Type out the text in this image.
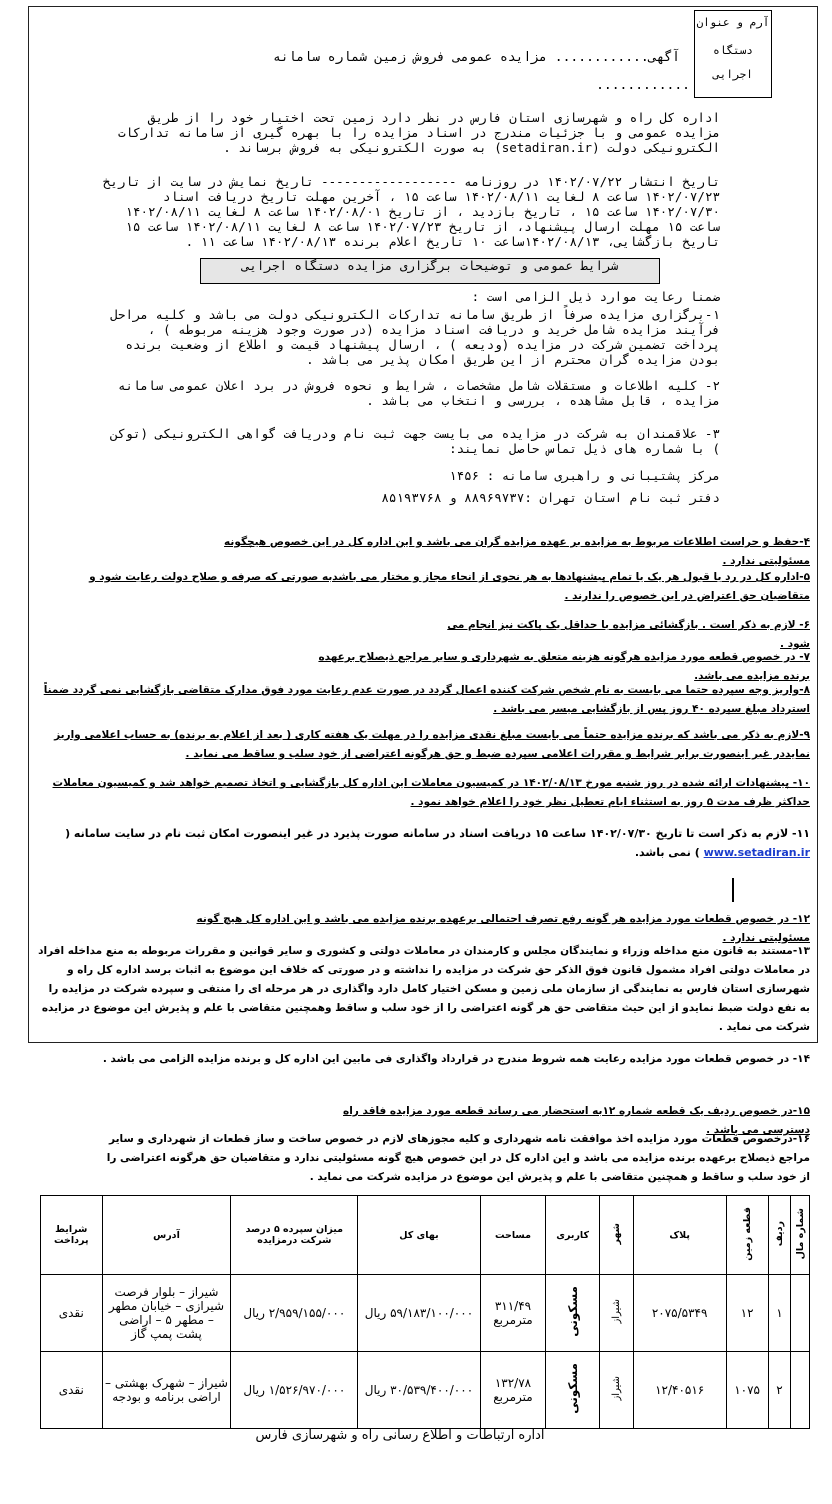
آرم و عنوان
دستگاه
اجرایی
آگهی............ مزایده عمومی فروش زمین شماره سامانه
............
اداره کل راه و شهرسازی استان فارس در نظر دارد زمین تحت اختیار خود را از طریق مزایده عمومی و با جزئیات مندرج در اسناد مزایده را با بهره گیری از سامانه تدارکات الکترونیکی دولت (setadiran.ir) به صورت الکترونیکی به فروش برساند .
تاریخ انتشار ۱۴۰۲/۰۷/۲۲ در روزنامه ------------------ تاریخ نمایش در سایت از تاریخ ۱۴۰۲/۰۷/۲۳ ساعت ۸ لغایت ۱۴۰۲/۰۸/۱۱ ساعت ۱۵ ، آخرین مهلت تاریخ دریافت اسناد ۱۴۰۲/۰۷/۳۰ ساعت ۱۵ ، تاریخ بازدید ، از تاریخ ۱۴۰۲/۰۸/۰۱ ساعت ۸ لغایت ۱۴۰۲/۰۸/۱۱ ساعت ۱۵ مهلت ارسال پیشنهاد، از تاریخ ۱۴۰۲/۰۷/۲۳ ساعت ۸ لغایت ۱۴۰۲/۰۸/۱۱ ساعت ۱۵ تاریخ بازگشایی، ۱۴۰۲/۰۸/۱۳ساعت ۱۰ تاریخ اعلام برنده ۱۴۰۲/۰۸/۱۳ ساعت ۱۱ .
شرایط عمومی و توضیحات برگزاری مزایده دستگاه اجرایی
ضمنا رعایت موارد ذیل الزامی است :
۱-برگزاری مزایده صرفاً از طریق سامانه تدارکات الکترونیکی دولت می باشد و کلیه مراحل فرآیند مزایده شامل خرید و دریافت اسناد مزایده (در صورت وجود هزینه مربوطه ) ، پرداخت تضمین شرکت در مزایده (ودیعه ) ، ارسال پیشنهاد قیمت و اطلاع از وضعیت برنده بودن مزایده گران محترم از این طریق امکان پذیر می باشد .
۲- کلیه اطلاعات و مستقلات شامل مشخصات ، شرایط و نحوه فروش در برد اعلان عمومی سامانه مزایده ، قابل مشاهده ، بررسی و انتخاب می باشد .
۳- علاقمندان به شرکت در مزایده می بایست جهت ثبت نام ودریافت گواهی الکترونیکی (توکن ) با شماره های ذیل تماس حاصل نمایند:
مرکز پشتیبانی و راهبری سامانه : ۱۴۵۶
دفتر ثبت نام استان تهران :۸۸۹۶۹۷۳۷ و ۸۵۱۹۳۷۶۸
۴-حفظ و حراست اطلاعات مربوط به مزایده بر عهده مزایده گران می باشد و این اداره کل در این خصوص هیچگونه مسئولیتی ندارد .
۵-اداره کل در رد یا قبول هر یک یا تمام پیشنهادها به هر نحوی از انحاء مجاز و مختار می باشدبه صورتی که صرفه و صلاح دولت رعایت شود و متقاضیان حق اعتراض در این خصوص را ندارند .
۶- لازم به ذکر است . بازگشائی مزایده با حداقل یک پاکت نیز انجام می شود .
۷- در خصوص قطعه مورد مزایده هرگونه هزینه متعلق به شهرداری و سایر مراجع ذیصلاح برعهده برنده مزایده می باشد.
۸-واریز وجه سپرده حتما می بایست به نام شخص شرکت کننده اعمال گردد در صورت عدم رعایت مورد فوق مدارک متقاضی بازگشایی نمی گردد ضمناً استرداد مبلغ سپرده ۴۰ روز پس از بازگشایی میسر می باشد .
۹-لازم به ذکر می باشد که برنده مزایده حتماً می بایست مبلغ نقدی مزایده را در مهلت یک هفته کاری ( بعد از اعلام به برنده) به حساب اعلامی واریز نمایددر غیر اینصورت برابر شرایط و مقررات اعلامی سپرده ضبط و حق هرگونه اعتراضی از خود سلب و ساقط می نماید .
۱۰- پیشنهادات ارائه شده در روز شنبه مورخ ۱۴۰۲/۰۸/۱۳ در کمیسیون معاملات این اداره کل بازگشایی و اتخاذ تصمیم خواهد شد و کمیسیون معاملات حداکثر ظرف مدت ۵ روز به استثناء ایام تعطیل نظر خود را اعلام خواهد نمود .
۱۱- لازم به ذکر است تا تاریخ ۱۴۰۲/۰۷/۳۰ ساعت ۱۵ دریافت اسناد در سامانه صورت پذیرد در غیر اینصورت امکان ثبت نام در سایت سامانه ( www.setadiran.ir ) نمی باشد.
۱۲- در خصوص قطعات مورد مزایده هر گونه رفع تصرف احتمالی برعهده برنده مزایده می باشد و این اداره کل هیچ گونه مسئولیتی ندارد .
۱۳-مستند به قانون منع مداخله وزراء و نمایندگان مجلس و کارمندان در معاملات دولتی و کشوری و سایر قوانین و مقررات مربوطه به منع مداخله افراد در معاملات دولتی افراد مشمول قانون فوق الذکر حق شرکت در مزایده را نداشته و در صورتی که خلاف این موضوع به اثبات برسد اداره کل راه و شهرسازی استان فارس به نمایندگی از سازمان ملی زمین و مسکن اختیار کامل دارد واگذاری در هر مرحله ای را منتفی و سپرده شرکت در مزایده را به نفع دولت ضبط نمایدو از این حیث متقاضی حق هر گونه اعتراضی را از خود سلب و ساقط وهمچنین متقاضی با علم و پذیرش این موضوع در مزایده شرکت می نماید .
۱۴- در خصوص قطعات مورد مزایده رعایت همه شروط مندرج در قرارداد واگذاری فی مابین این اداره کل و برنده مزایده الزامی می باشد .
۱۵-در خصوص ردیف یک قطعه شماره ۱۲به استحضار می رساند قطعه مورد مزایده فاقد راه دسترسی می باشد .
۱۶-درخصوص قطعات مورد مزایده اخذ موافقت نامه شهرداری و کلیه مجوزهای لازم در خصوص ساخت و ساز قطعات از شهرداری و سایر مراجع ذیصلاح برعهده برنده مزایده می باشد و این اداره کل در این خصوص هیچ گونه مسئولیتی ندارد و متقاضیان حق هرگونه اعتراضی را از خود سلب و ساقط و همچنین متقاضی با علم و پذیرش این موضوع در مزایده شرکت می نماید .
شماره مال	ردیف	قطعه زمین	پلاک	شهر	کاربری	مساحت	بهای کل	میزان سپرده ۵ درصد شرکت درمزایده	آدرس	شرایط پرداخت
	۱	۱۲	۲۰۷۵/۵۳۴۹	شیراز	مسکونی	۳۱۱/۴۹ مترمربع	۵۹/۱۸۳/۱۰۰/۰۰۰ ریال	۲/۹۵۹/۱۵۵/۰۰۰ ریال	شیراز – بلوار فرصت شیرازی – خیابان مطهر – مطهر ۵ – اراضی پشت پمپ گاز	نقدی
	۲	۱۰۷۵	۱۲/۴۰۵۱۶	شیراز	مسکونی	۱۳۲/۷۸ مترمربع	۳۰/۵۳۹/۴۰۰/۰۰۰ ریال	۱/۵۲۶/۹۷۰/۰۰۰ ریال	شیراز – شهرک بهشتی – اراضی برنامه و بودجه	نقدی
اداره ارتباطات و اطلاع رسانی راه و شهرسازی فارس
